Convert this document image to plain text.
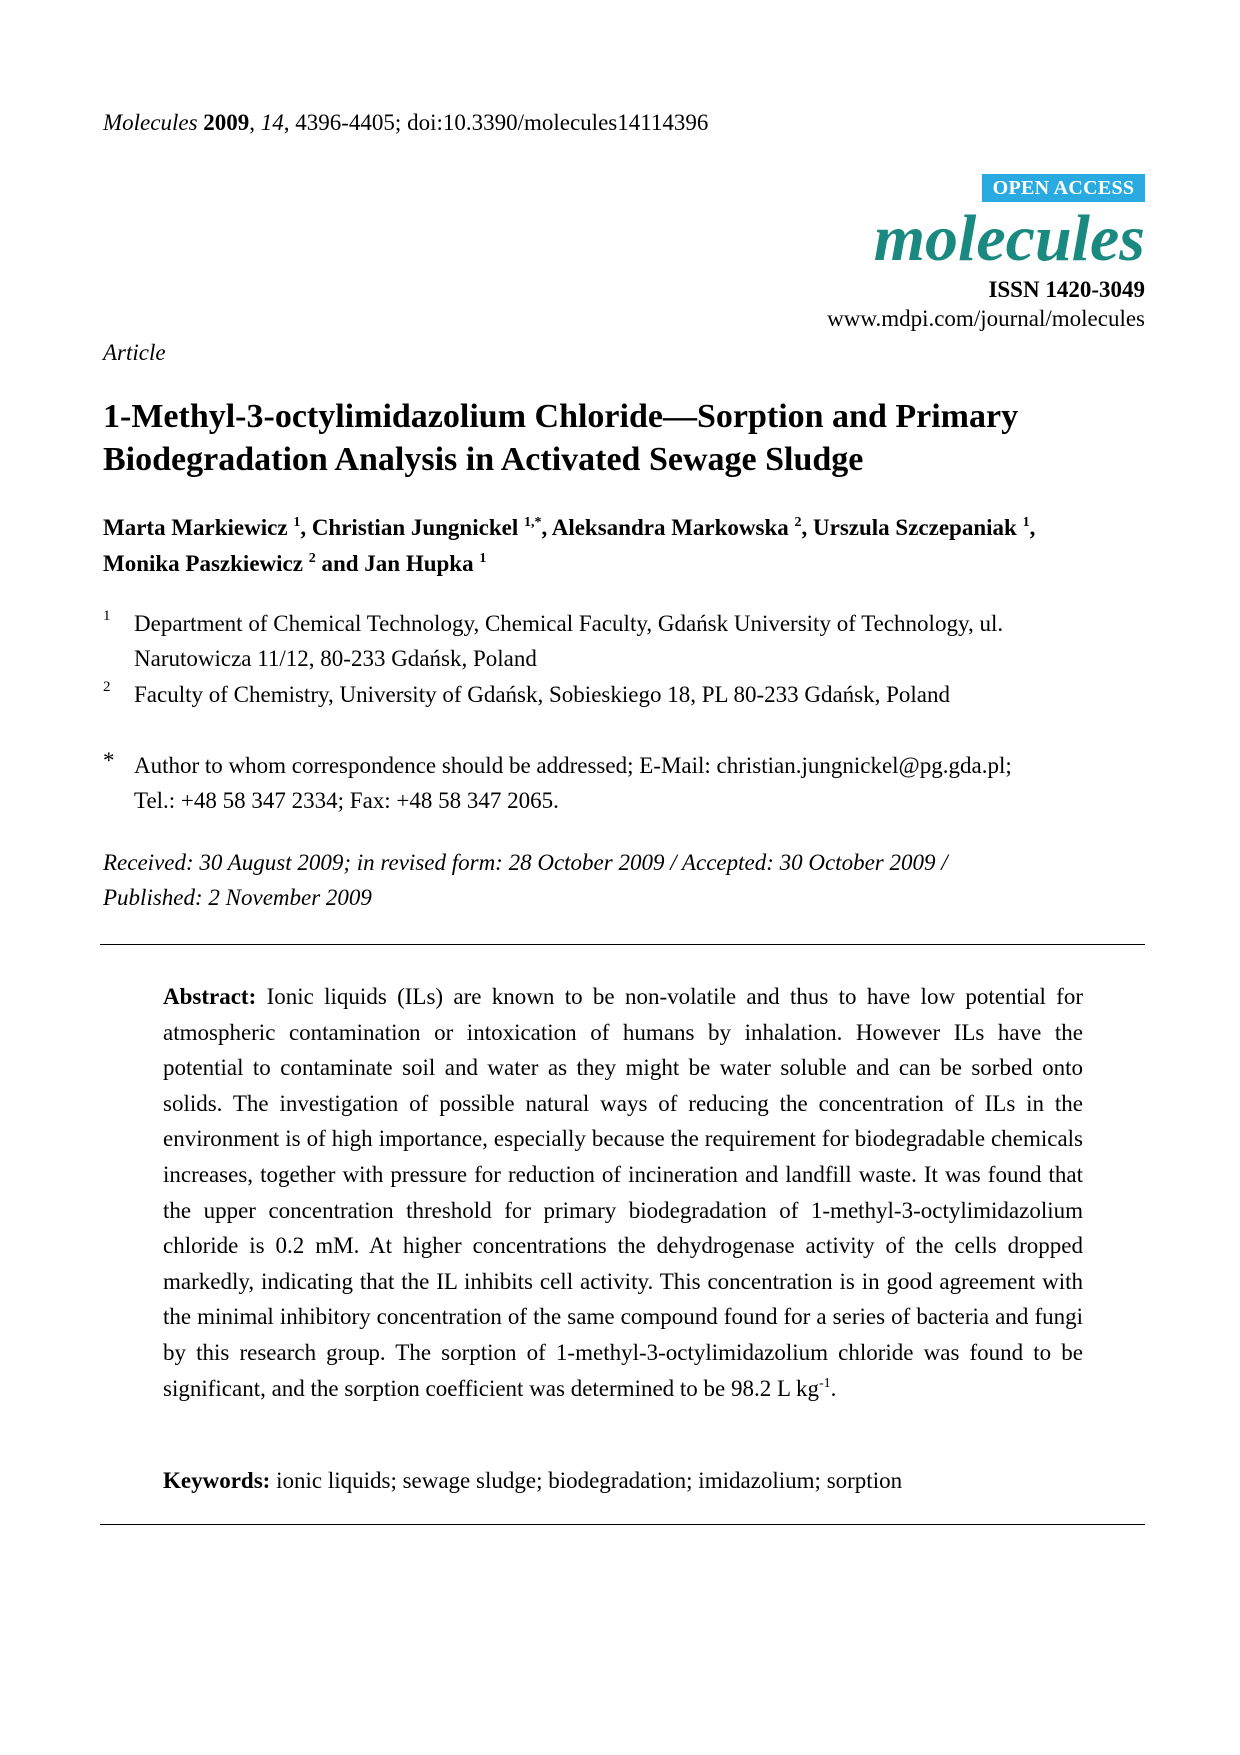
Molecules 2009, 14, 4396-4405; doi:10.3390/molecules14114396
OPEN ACCESS
molecules
ISSN 1420-3049
www.mdpi.com/journal/molecules
Article
1-Methyl-3-octylimidazolium Chloride—Sorption and Primary
Biodegradation Analysis in Activated Sewage Sludge
Marta Markiewicz $^1$, Christian Jungnickel $^{1,*}$, Aleksandra Markowska $^2$, Urszula Szczepaniak $^1$,
Monika Paszkiewicz $^2$ and Jan Hupka $^1$
1 Department of Chemical Technology, Chemical Faculty, Gdańsk University of Technology, ul.
Narutowicza 11/12, 80-233 Gdańsk, Poland
2 Faculty of Chemistry, University of Gdańsk, Sobieskiego 18, PL 80-233 Gdańsk, Poland
* Author to whom correspondence should be addressed; E-Mail: christian.jungnickel@pg.gda.pl;
Tel.: +48 58 347 2334; Fax: +48 58 347 2065.
Received: 30 August 2009; in revised form: 28 October 2009 / Accepted: 30 October 2009 /
Published: 2 November 2009
Abstract: Ionic liquids (ILs) are known to be non-volatile and thus to have low potential for atmospheric contamination or intoxication of humans by inhalation. However ILs have the potential to contaminate soil and water as they might be water soluble and can be sorbed onto solids. The investigation of possible natural ways of reducing the concentration of ILs in the environment is of high importance, especially because the requirement for biodegradable chemicals increases, together with pressure for reduction of incineration and landfill waste. It was found that the upper concentration threshold for primary biodegradation of 1-methyl-3-octylimidazolium chloride is 0.2 mM. At higher concentrations the dehydrogenase activity of the cells dropped markedly, indicating that the IL inhibits cell activity. This concentration is in good agreement with the minimal inhibitory concentration of the same compound found for a series of bacteria and fungi by this research group. The sorption of 1-methyl-3-octylimidazolium chloride was found to be significant, and the sorption coefficient was determined to be 98.2 L $kg^{-1}$.
Keywords: ionic liquids; sewage sludge; biodegradation; imidazolium; sorption
